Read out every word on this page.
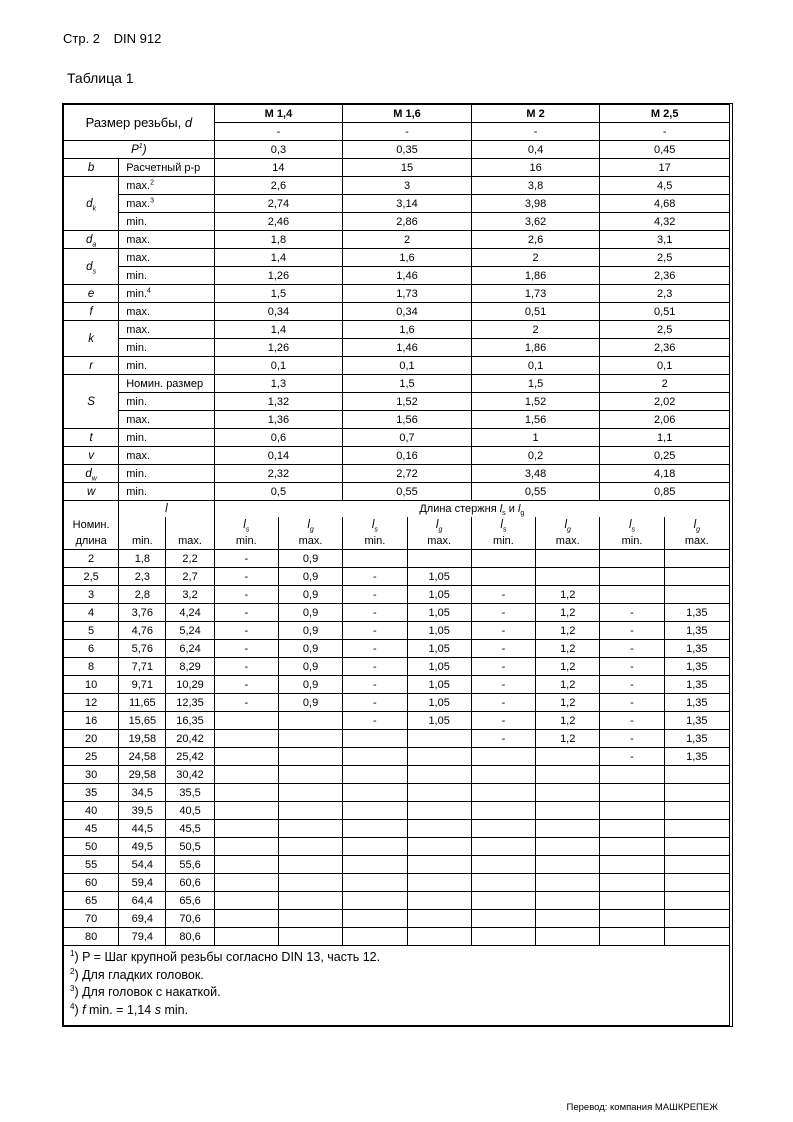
Стр. 2 DIN 912
Таблица 1
Размер резьбы, d			M 1,4		M 1,6		M 2		M 2,5	
			-		-		-		-	
$P^1$)			0,3		0,35		0,4		0,45	
b	Расчетный р-р		14		15		16		17	
$d_k$	max.$^2$		2,6		3		3,8		4,5	
	max.$^3$		2,74		3,14		3,98		4,68	
	min.		2,46		2,86		3,62		4,32	
$d_a$	max.		1,8		2		2,6		3,1	
$d_s$	max.		1,4		1,6		2		2,5	
	min.		1,26		1,46		1,86		2,36	
e	min.$^4$		1,5		1,73		1,73		2,3	
f	max.		0,34		0,34		0,51		0,51	
k	max.		1,4		1,6		2		2,5	
	min.		1,26		1,46		1,86		2,36	
r	min.		0,1		0,1		0,1		0,1	
S	Номин. размер		1,3		1,5		1,5		2	
	min.		1,32		1,52		1,52		2,02	
	max.		1,36		1,56		1,56		2,06	
t	min.		0,6		0,7		1		1,1	
v	max.		0,14		0,16		0,2		0,25	
$d_w$	min.		2,32		2,72		3,48		4,18	
w	min.		0,5		0,55		0,55		0,85	
	l		Длина стержня $l_s$ и $l_g$
Номин.			$l_s$	$l_g$	$l_s$	$l_g$	$l_s$	$l_g$	$l_s$	$l_g$
длина	min.	max.	min.	max.	min.	max.	min.	max.	min.	max.
2	1,8	2,2	-	0,9						
2,5	2,3	2,7	-	0,9	-	1,05				
3	2,8	3,2	-	0,9	-	1,05	-	1,2		
4	3,76	4,24	-	0,9	-	1,05	-	1,2	-	1,35
5	4,76	5,24	-	0,9	-	1,05	-	1,2	-	1,35
6	5,76	6,24	-	0,9	-	1,05	-	1,2	-	1,35
8	7,71	8,29	-	0,9	-	1,05	-	1,2	-	1,35
10	9,71	10,29	-	0,9	-	1,05	-	1,2	-	1,35
12	11,65	12,35	-	0,9	-	1,05	-	1,2	-	1,35
16	15,65	16,35			-	1,05	-	1,2	-	1,35
20	19,58	20,42					-	1,2	-	1,35
25	24,58	25,42							-	1,35
30	29,58	30,42								
35	34,5	35,5								
40	39,5	40,5								
45	44,5	45,5								
50	49,5	50,5								
55	54,4	55,6								
60	59,4	60,6								
65	64,4	65,6								
70	69,4	70,6								
80	79,4	80,6								

$^1$) P = Шаг крупной резьбы согласно DIN 13, часть 12.
$^2$) Для гладких головок.
$^3$) Для головок с накаткой.
$^4$) f min. = 1,14 s min.										
Перевод: компания МАШКРЕПЕЖ
